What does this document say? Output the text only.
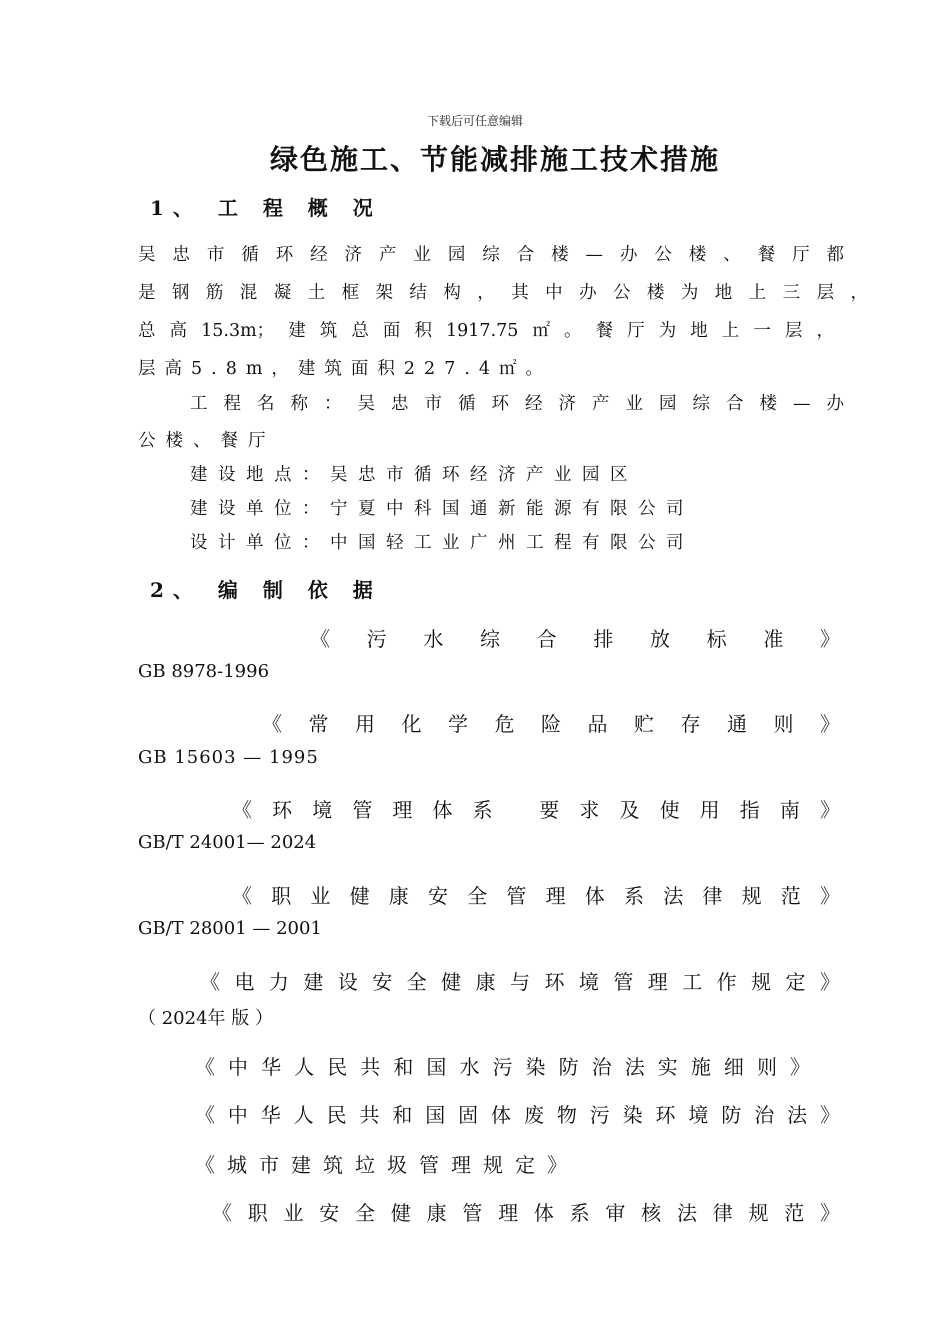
下载后可任意编辑
绿色施工、节能减排施工技术措施
1、 工 程 概 况
吴忠市循环经济产业园综合楼—办公楼、餐厅都
是钢筋混凝土框架结构，其中办公楼为地上三层，
总高15.3m；建筑总面积1917.75㎡。餐厅为地上一层，
层高5.8m，建筑面积227.4㎡。
工程名称：吴忠市循环经济产业园综合楼—办
公楼、餐厅
建设地点：吴忠市循环经济产业园区
建设单位：宁夏中科国通新能源有限公司
设计单位：中国轻工业广州工程有限公司
2、 编 制 依 据
《污水综合排放标准》
GB 8978-1996
《常用化学危险品贮存通则》
GB 15603 — 1995
《环境管理体系 要求及使用指南》
GB/T 24001— 2024
《职业健康安全管理体系法律规范》
GB/T 28001 — 2001
《电力建设安全健康与环境管理工作规定》
（ 2024年 版 ）
《中华人民共和国水污染防治法实施细则》
《中华人民共和国固体废物污染环境防治法》
《城市建筑垃圾管理规定》
《职业安全健康管理体系审核法律规范》
